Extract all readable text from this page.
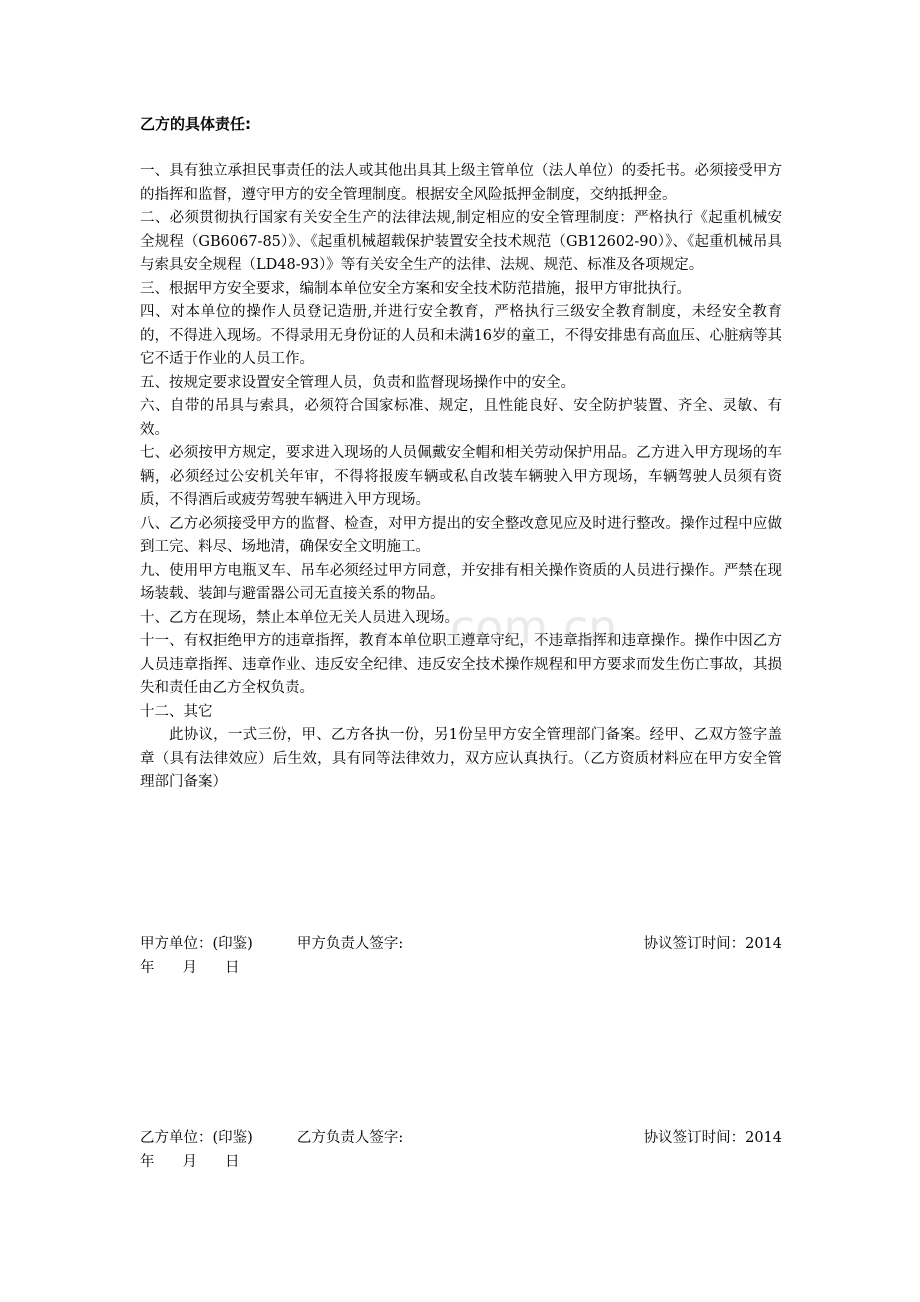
乙方的具体责任:
一、具有独立承担民事责任的法人或其他出具其上级主管单位（法人单位）的委托书。必须接受甲方的指挥和监督，遵守甲方的安全管理制度。根据安全风险抵押金制度，交纳抵押金。
二、必须贯彻执行国家有关安全生产的法律法规,制定相应的安全管理制度：严格执行《起重机械安全规程（GB6067-85）》、《起重机械超载保护装置安全技术规范（GB12602-90）》、《起重机械吊具与索具安全规程（LD48-93）》等有关安全生产的法律、法规、规范、标准及各项规定。
三、根据甲方安全要求，编制本单位安全方案和安全技术防范措施，报甲方审批执行。
四、对本单位的操作人员登记造册,并进行安全教育，严格执行三级安全教育制度，未经安全教育的，不得进入现场。不得录用无身份证的人员和未满16岁的童工，不得安排患有高血压、心脏病等其它不适于作业的人员工作。
五、按规定要求设置安全管理人员，负责和监督现场操作中的安全。
六、自带的吊具与索具，必须符合国家标准、规定，且性能良好、安全防护装置、齐全、灵敏、有效。
七、必须按甲方规定，要求进入现场的人员佩戴安全帽和相关劳动保护用品。乙方进入甲方现场的车辆，必须经过公安机关年审，不得将报废车辆或私自改装车辆驶入甲方现场，车辆驾驶人员须有资质，不得酒后或疲劳驾驶车辆进入甲方现场。
八、乙方必须接受甲方的监督、检查，对甲方提出的安全整改意见应及时进行整改。操作过程中应做到工完、料尽、场地清，确保安全文明施工。
九、使用甲方电瓶叉车、吊车必须经过甲方同意，并安排有相关操作资质的人员进行操作。严禁在现场装载、装卸与避雷器公司无直接关系的物品。
十、乙方在现场，禁止本单位无关人员进入现场。
十一、有权拒绝甲方的违章指挥，教育本单位职工遵章守纪，不违章指挥和违章操作。操作中因乙方人员违章指挥、违章作业、违反安全纪律、违反安全技术操作规程和甲方要求而发生伤亡事故，其损失和责任由乙方全权负责。
十二、其它
此协议，一式三份，甲、乙方各执一份，另1份呈甲方安全管理部门备案。经甲、乙双方签字盖章（具有法律效应）后生效，具有同等法律效力，双方应认真执行。（乙方资质材料应在甲方安全管理部门备案）
甲方单位：(印鉴)	甲方负责人签字:	协议签订时间：2014
年 月 日
乙方单位：(印鉴)	乙方负责人签字:	协议签订时间：2014
年 月 日
com.cn
